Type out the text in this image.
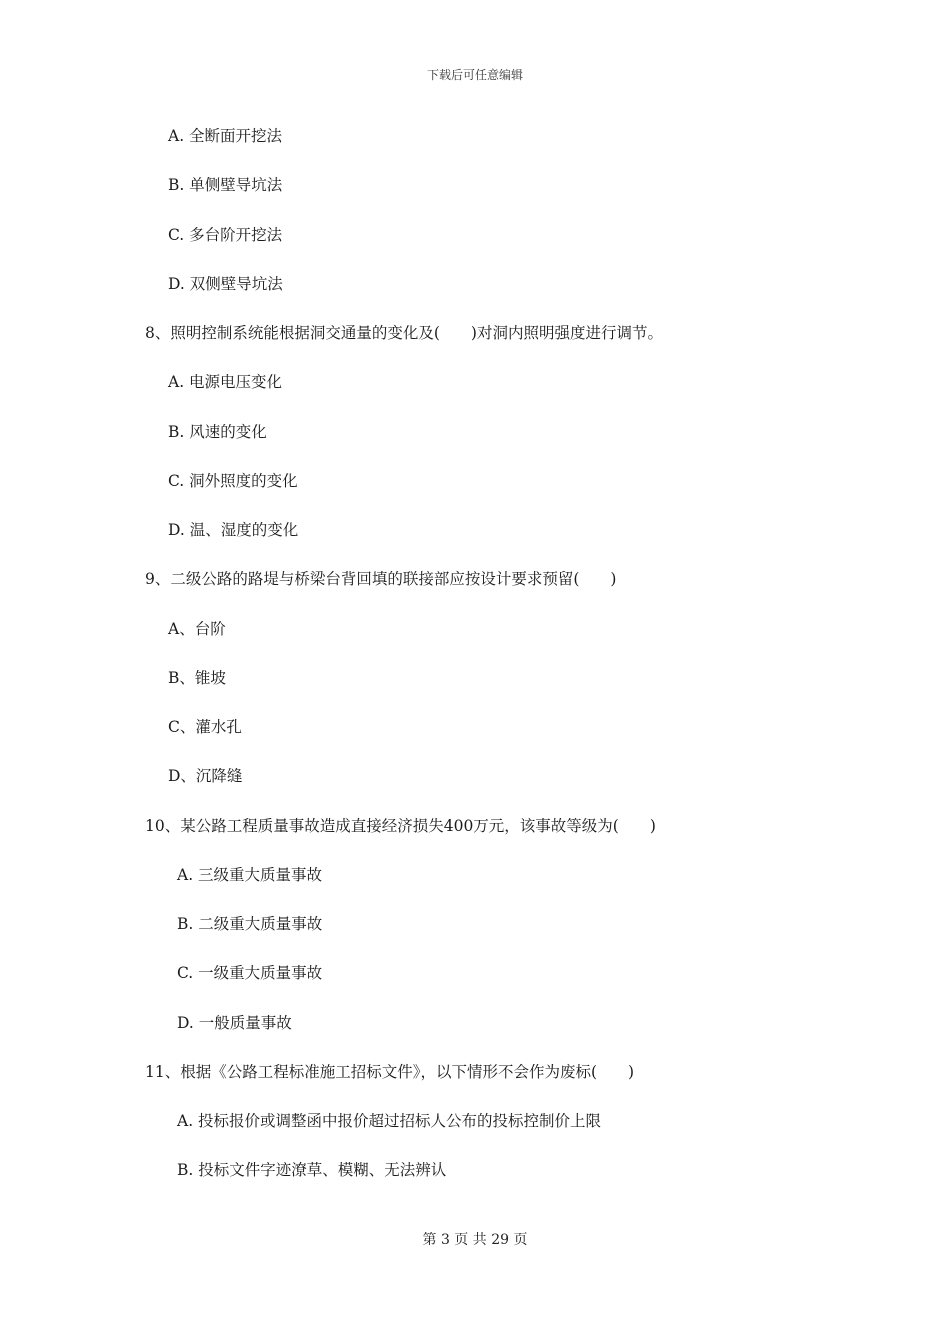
下载后可任意编辑
A. 全断面开挖法
B. 单侧壁导坑法
C. 多台阶开挖法
D. 双侧壁导坑法
8、照明控制系统能根据洞交通量的变化及(　　)对洞内照明强度进行调节。
A. 电源电压变化
B. 风速的变化
C. 洞外照度的变化
D. 温、湿度的变化
9、二级公路的路堤与桥梁台背回填的联接部应按设计要求预留(　　)
A、台阶
B、锥坡
C、灌水孔
D、沉降缝
10、某公路工程质量事故造成直接经济损失400万元，该事故等级为(　　)
A. 三级重大质量事故
B. 二级重大质量事故
C. 一级重大质量事故
D. 一般质量事故
11、根据《公路工程标准施工招标文件》，以下情形不会作为废标(　　)
A. 投标报价或调整函中报价超过招标人公布的投标控制价上限
B. 投标文件字迹潦草、模糊、无法辨认
第 3 页 共 29 页
